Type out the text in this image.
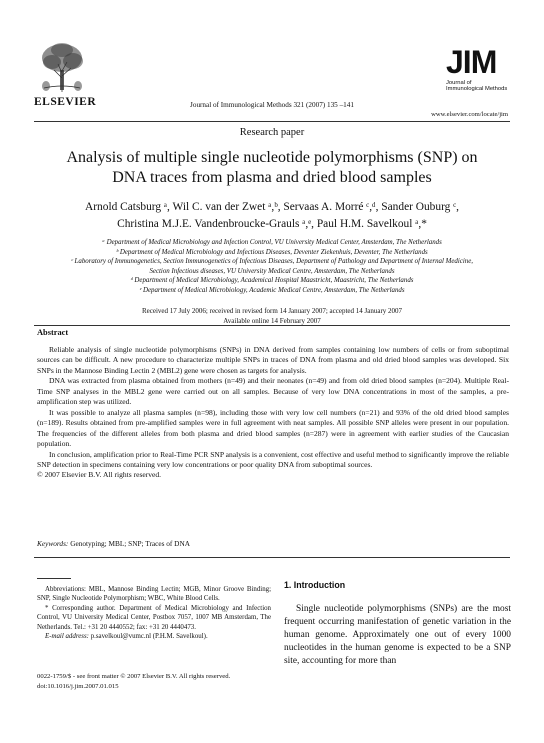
ELSEVIER	Journal of Immunological Methods 321 (2007) 135 –141
JIM
Journal of
Immunological Methods
www.elsevier.com/locate/jim
Research paper
Analysis of multiple single nucleotide polymorphisms (SNP) on
DNA traces from plasma and dried blood samples
Arnold Catsburg ᵃ, Wil C. van der Zwet ᵃ,ᵇ, Servaas A. Morré ᶜ,ᵈ, Sander Ouburg ᶜ,
Christina M.J.E. Vandenbroucke-Grauls ᵃ,ᵉ, Paul H.M. Savelkoul ᵃ,*
ᵃ Department of Medical Microbiology and Infection Control, VU University Medical Center, Amsterdam, The Netherlands
ᵇ Department of Medical Microbiology and Infectious Diseases, Deventer Ziekenhuis, Deventer, The Netherlands
ᶜ Laboratory of Immunogenetics, Section Immunogenetics of Infectious Diseases, Department of Pathology and Department of Internal Medicine,
Section Infectious diseases, VU University Medical Centre, Amsterdam, The Netherlands
ᵈ Department of Medical Microbiology, Academical Hospital Maastricht, Maastricht, The Netherlands
ᵉ Department of Medical Microbiology, Academic Medical Centre, Amsterdam, The Netherlands
Received 17 July 2006; received in revised form 14 January 2007; accepted 14 January 2007
Available online 14 February 2007
Abstract

Reliable analysis of single nucleotide polymorphisms (SNPs) in DNA derived from samples containing low numbers of cells or from suboptimal sources can be difficult. A new procedure to characterize multiple SNPs in traces of DNA from plasma and old dried blood samples was developed. Six SNPs in the Mannose Binding Lectin 2 (MBL2) gene were chosen as targets for analysis.

DNA was extracted from plasma obtained from mothers (n=49) and their neonates (n=49) and from old dried blood samples (n=204). Multiple Real-Time SNP analyses in the MBL2 gene were carried out on all samples. Because of very low DNA concentrations in most of the samples, a pre-amplification step was utilized.

It was possible to analyze all plasma samples (n=98), including those with very low cell numbers (n=21) and 93% of the old dried blood samples (n=189). Results obtained from pre-amplified samples were in full agreement with neat samples. All possible SNP alleles were present in our population. The frequencies of the different alleles from both plasma and dried blood samples (n=287) were in agreement with earlier studies of the Caucasian population.

In conclusion, amplification prior to Real-Time PCR SNP analysis is a convenient, cost effective and useful method to significantly improve the reliable SNP detection in specimens containing very low concentrations or poor quality DNA from suboptimal sources.

© 2007 Elsevier B.V. All rights reserved.

Keywords: Genotyping; MBL; SNP; Traces of DNA

Abbreviations: MBL, Mannose Binding Lectin; MGB, Minor Groove Binding; SNP, Single Nucleotide Polymorphism; WBC, White Blood Cells.

* Corresponding author. Department of Medical Microbiology and Infection Control, VU University Medical Center, Postbox 7057, 1007 MB Amsterdam, The Netherlands. Tel.: +31 20 4440552; fax: +31 20 4440473.

E-mail address: p.savelkoul@vumc.nl (P.H.M. Savelkoul).

0022-1759/$ - see front matter © 2007 Elsevier B.V. All rights reserved.
doi:10.1016/j.jim.2007.01.015
1. Introduction

Single nucleotide polymorphisms (SNPs) are the most frequent occurring manifestation of genetic variation in the human genome. Approximately one out of every 1000 nucleotides in the human genome is expected to be a SNP site, accounting for more than
